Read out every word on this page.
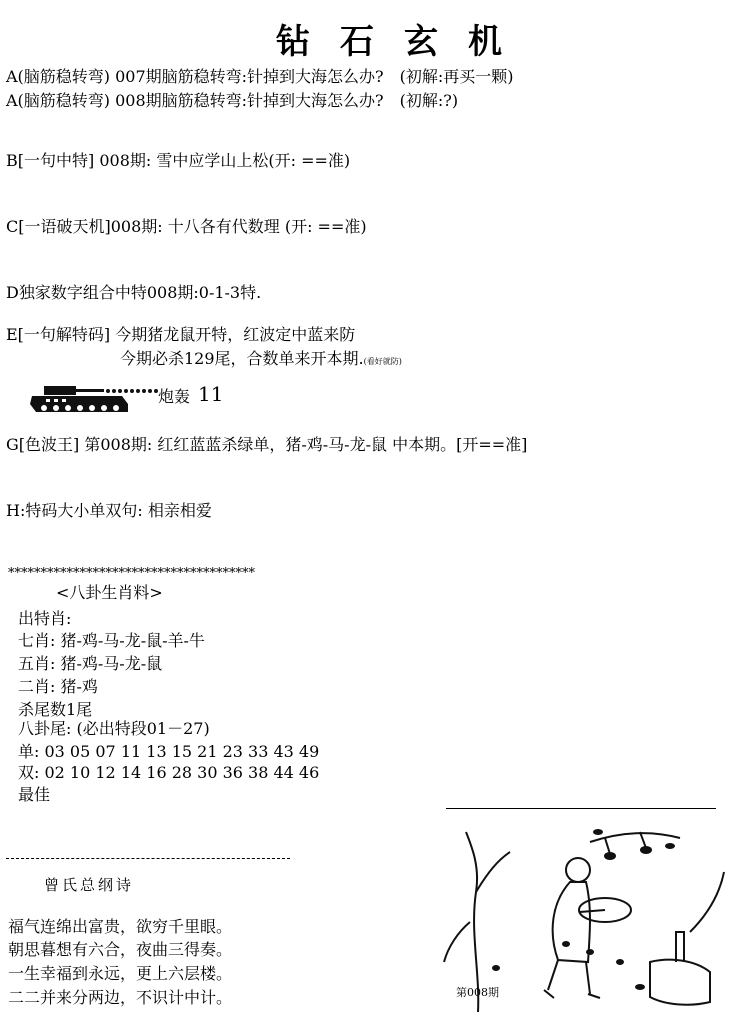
钻石玄机
A(脑筋稳转弯) 007期脑筋稳转弯:针掉到大海怎么办?　(初解:再买一颗)
A(脑筋稳转弯) 008期脑筋稳转弯:针掉到大海怎么办?　(初解:?)
B[一句中特] 008期: 雪中应学山上松(开: ==准)
C[一语破天机]008期: 十八各有代数理 (开: ==准)
D独家数字组合中特008期:0-1-3特.
E[一句解特码] 今期猪龙鼠开特，红波定中蓝来防
今期必杀129尾，合数单来开本期.(看好就防)
炮轰 11
G[色波王] 第008期: 红红蓝蓝杀绿单，猪-鸡-马-龙-鼠 中本期。[开==准]
H:特码大小单双句: 相亲相爱
**************************************
<八卦生肖料>
出特肖:
七肖: 猪-鸡-马-龙-鼠-羊-牛
五肖: 猪-鸡-马-龙-鼠
二肖: 猪-鸡
杀尾数1尾
八卦尾: (必出特段01－27)
单: 03 05 07 11 13 15 21 23 33 43 49
双: 02 10 12 14 16 28 30 36 38 44 46
最佳
曾氏总纲诗
福气连绵出富贵，欲穷千里眼。
朝思暮想有六合，夜曲三得奏。
一生幸福到永远，更上六层楼。
二二并来分两边，不识计中计。	第008期
